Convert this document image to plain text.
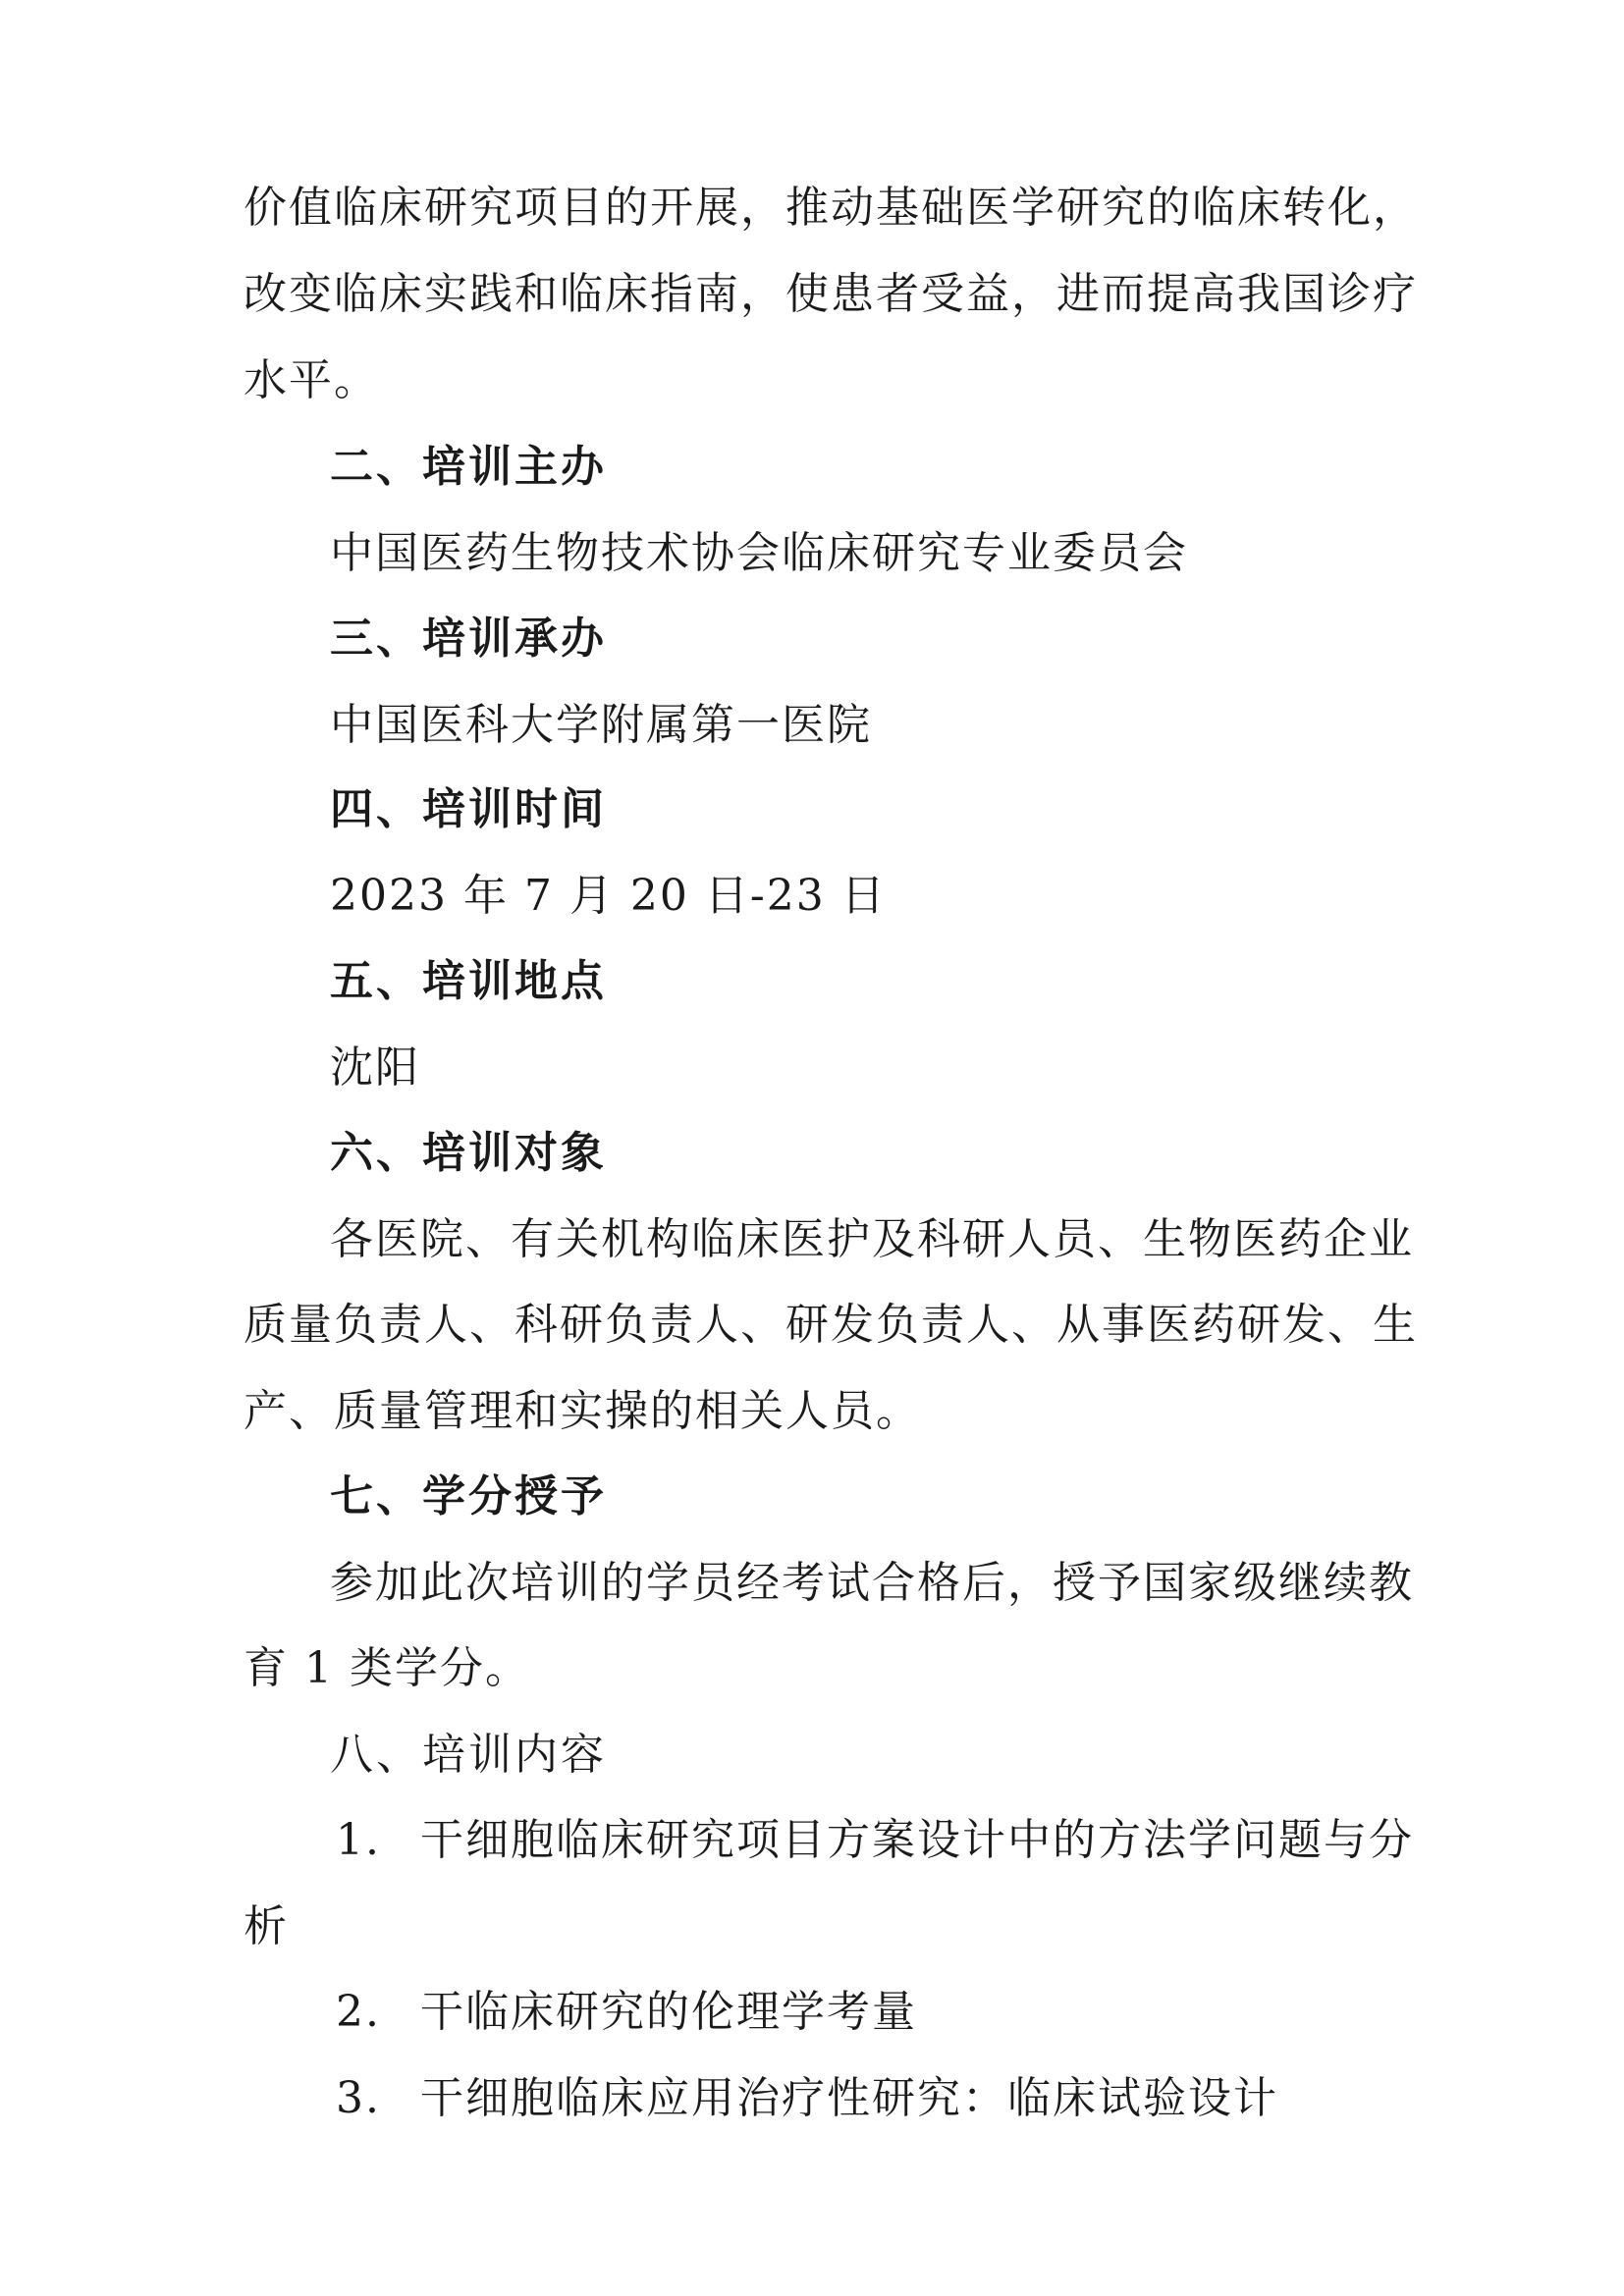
价值临床研究项目的开展，推动基础医学研究的临床转化，
改变临床实践和临床指南，使患者受益，进而提高我国诊疗
水平。
二、培训主办
中国医药生物技术协会临床研究专业委员会
三、培训承办
中国医科大学附属第一医院
四、培训时间
2023 年 7 月 20 日-23 日
五、培训地点
沈阳
六、培训对象
各医院、有关机构临床医护及科研人员、生物医药企业
质量负责人、科研负责人、研发负责人、从事医药研发、生
产、质量管理和实操的相关人员。
七、学分授予
参加此次培训的学员经考试合格后，授予国家级继续教
育 1 类学分。
八、培训内容
1. 干细胞临床研究项目方案设计中的方法学问题与分
析
2. 干临床研究的伦理学考量
3. 干细胞临床应用治疗性研究：临床试验设计
